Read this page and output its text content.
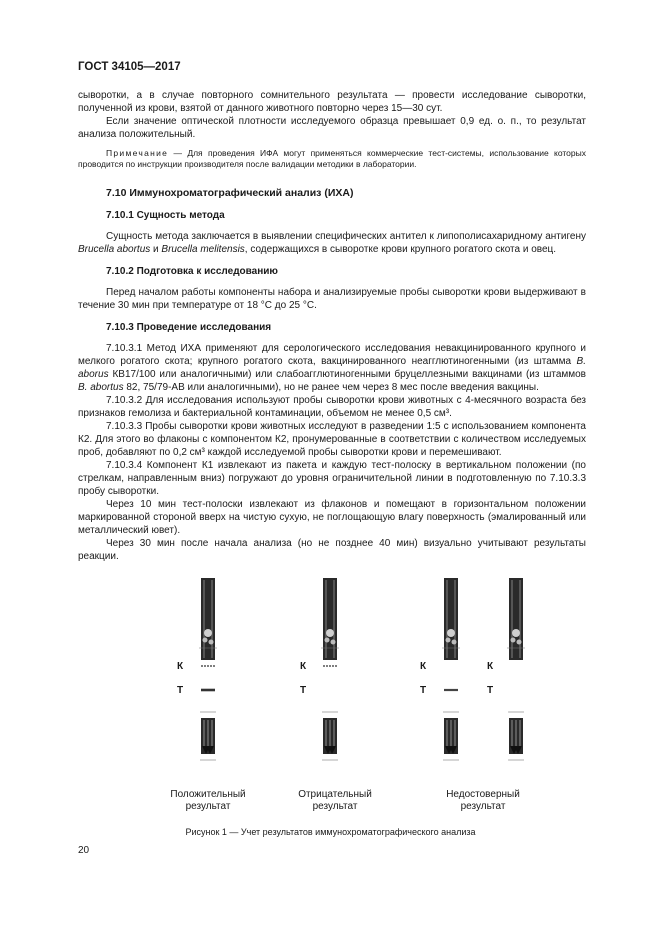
ГОСТ 34105—2017

сыворотки, а в случае повторного сомнительного результата — провести исследование сыворотки, полученной из крови, взятой от данного животного повторно через 15—30 сут.

Если значение оптической плотности исследуемого образца превышает 0,9 ед. о. п., то результат анализа положительный.

Примечание — Для проведения ИФА могут применяться коммерческие тест-системы, использование которых проводится по инструкции производителя после валидации методики в лаборатории.

7.10 Иммунохроматографический анализ (ИХА)

7.10.1 Сущность метода

Сущность метода заключается в выявлении специфических антител к липополисахаридному антигену Brucella abortus и Brucella melitensis, содержащихся в сыворотке крови крупного рогатого скота и овец.

7.10.2 Подготовка к исследованию

Перед началом работы компоненты набора и анализируемые пробы сыворотки крови выдерживают в течение 30 мин при температуре от 18 °С до 25 °С.

7.10.3 Проведение исследования

7.10.3.1 Метод ИХА применяют для серологического исследования невакцинированного крупного и мелкого рогатого скота; крупного рогатого скота, вакцинированного неагглютиногенными (из штамма B. aborus КВ17/100 или аналогичными) или слабоагглютиногенными бруцеллезными вакцинами (из штаммов B. abortus 82, 75/79-АВ или аналогичными), но не ранее чем через 8 мес после введения вакцины.

7.10.3.2 Для исследования используют пробы сыворотки крови животных с 4-месячного возраста без признаков гемолиза и бактериальной контаминации, объемом не менее 0,5 см³.

7.10.3.3 Пробы сыворотки крови животных исследуют в разведении 1:5 с использованием компонента К2. Для этого во флаконы с компонентом К2, пронумерованные в соответствии с количеством исследуемых проб, добавляют по 0,2 см³ каждой исследуемой пробы сыворотки крови и перемешивают.

7.10.3.4 Компонент К1 извлекают из пакета и каждую тест-полоску в вертикальном положении (по стрелкам, направленным вниз) погружают до уровня ограничительной линии в подготовленную по 7.10.3.3 пробу сыворотки.

Через 10 мин тест-полоски извлекают из флаконов и помещают в горизонтальном положении маркированной стороной вверх на чистую сухую, не поглощающую влагу поверхность (эмалированный или металлический ювет).

Через 30 мин после начала анализа (но не позднее 40 мин) визуально учитывают результаты реакции.

К
Т
К
Т
К
Т
К
Т
Положительный результат
Отрицательный результат
Недостоверный результат
Рисунок 1 — Учет результатов иммунохроматографического анализа
20
